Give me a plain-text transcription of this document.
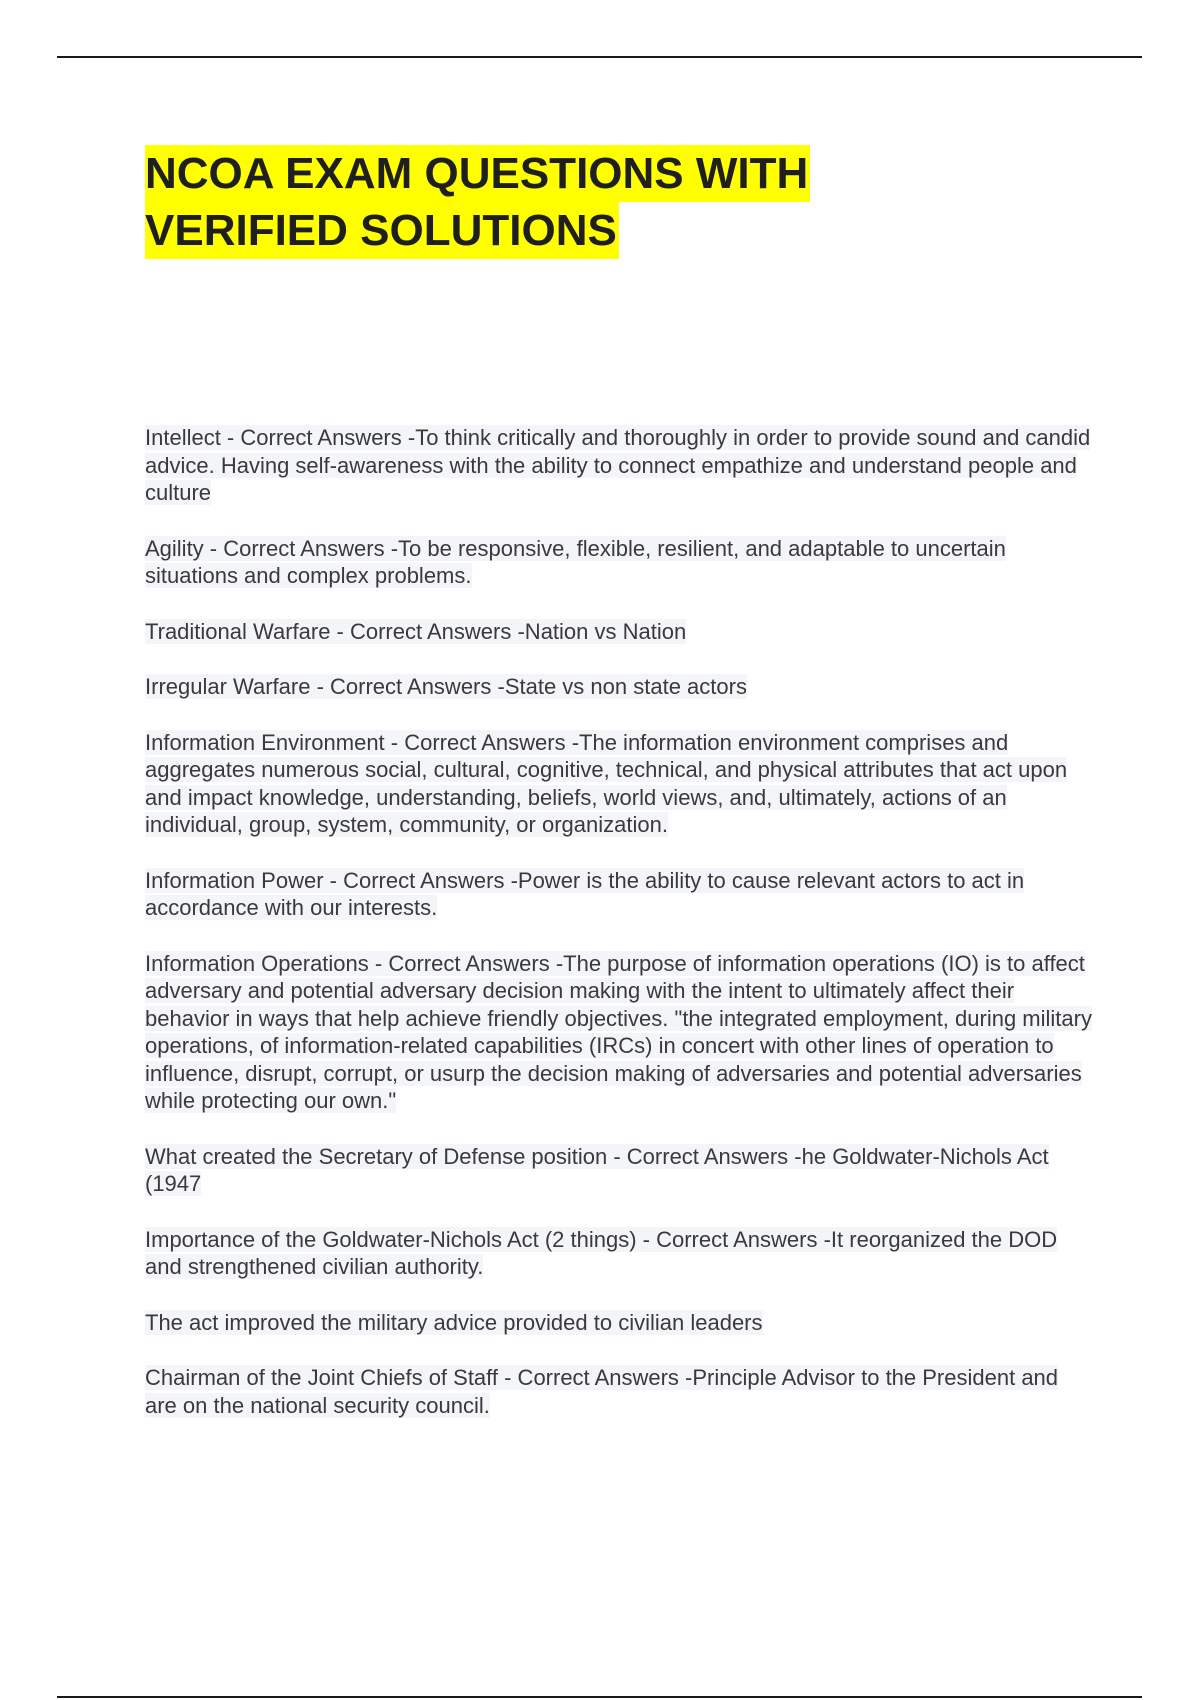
NCOA EXAM QUESTIONS WITH
VERIFIED SOLUTIONS

Intellect - Correct Answers -To think critically and thoroughly in order to provide sound and candid advice. Having self-awareness with the ability to connect empathize and understand people and culture

Agility - Correct Answers -To be responsive, flexible, resilient, and adaptable to uncertain situations and complex problems.

Traditional Warfare - Correct Answers -Nation vs Nation

Irregular Warfare - Correct Answers -State vs non state actors

Information Environment - Correct Answers -The information environment comprises and aggregates numerous social, cultural, cognitive, technical, and physical attributes that act upon and impact knowledge, understanding, beliefs, world views, and, ultimately, actions of an individual, group, system, community, or organization.

Information Power - Correct Answers -Power is the ability to cause relevant actors to act in accordance with our interests.

Information Operations - Correct Answers -The purpose of information operations (IO) is to affect adversary and potential adversary decision making with the intent to ultimately affect their behavior in ways that help achieve friendly objectives. "the integrated employment, during military operations, of information-related capabilities (IRCs) in concert with other lines of operation to influence, disrupt, corrupt, or usurp the decision making of adversaries and potential adversaries while protecting our own."

What created the Secretary of Defense position - Correct Answers -he Goldwater-Nichols Act (1947

Importance of the Goldwater-Nichols Act (2 things) - Correct Answers -It reorganized the DOD and strengthened civilian authority.

The act improved the military advice provided to civilian leaders

Chairman of the Joint Chiefs of Staff - Correct Answers -Principle Advisor to the President and are on the national security council.
